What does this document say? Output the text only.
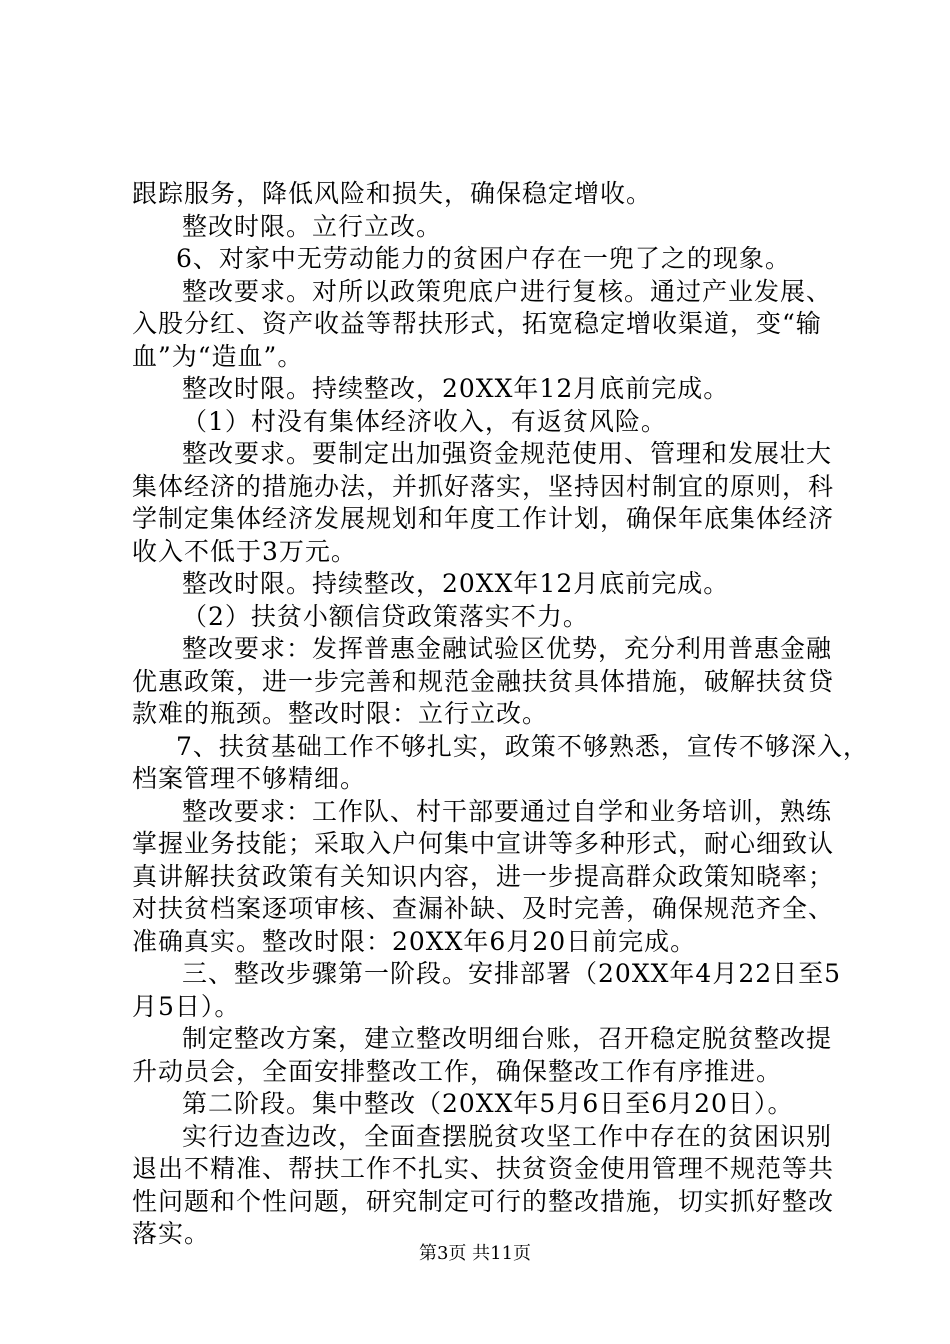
跟踪服务，降低风险和损失，确保稳定增收。
整改时限。立行立改。
6、对家中无劳动能力的贫困户存在一兜了之的现象。
整改要求。对所以政策兜底户进行复核。通过产业发展、
入股分红、资产收益等帮扶形式，拓宽稳定增收渠道，变“输
血”为“造血”。
整改时限。持续整改，20XX年12月底前完成。
（1）村没有集体经济收入，有返贫风险。
整改要求。要制定出加强资金规范使用、管理和发展壮大
集体经济的措施办法，并抓好落实，坚持因村制宜的原则，科
学制定集体经济发展规划和年度工作计划，确保年底集体经济
收入不低于3万元。
整改时限。持续整改，20XX年12月底前完成。
（2）扶贫小额信贷政策落实不力。
整改要求：发挥普惠金融试验区优势，充分利用普惠金融
优惠政策，进一步完善和规范金融扶贫具体措施，破解扶贫贷
款难的瓶颈。整改时限：立行立改。
7、扶贫基础工作不够扎实，政策不够熟悉，宣传不够深入，
档案管理不够精细。
整改要求：工作队、村干部要通过自学和业务培训，熟练
掌握业务技能；采取入户何集中宣讲等多种形式，耐心细致认
真讲解扶贫政策有关知识内容，进一步提高群众政策知晓率；
对扶贫档案逐项审核、查漏补缺、及时完善，确保规范齐全、
准确真实。整改时限：20XX年6月20日前完成。
三、整改步骤第一阶段。安排部署（20XX年4月22日至5
月5日）。
制定整改方案，建立整改明细台账，召开稳定脱贫整改提
升动员会，全面安排整改工作，确保整改工作有序推进。
第二阶段。集中整改（20XX年5月6日至6月20日）。
实行边查边改，全面查摆脱贫攻坚工作中存在的贫困识别
退出不精准、帮扶工作不扎实、扶贫资金使用管理不规范等共
性问题和个性问题，研究制定可行的整改措施，切实抓好整改
落实。
第3页 共11页
